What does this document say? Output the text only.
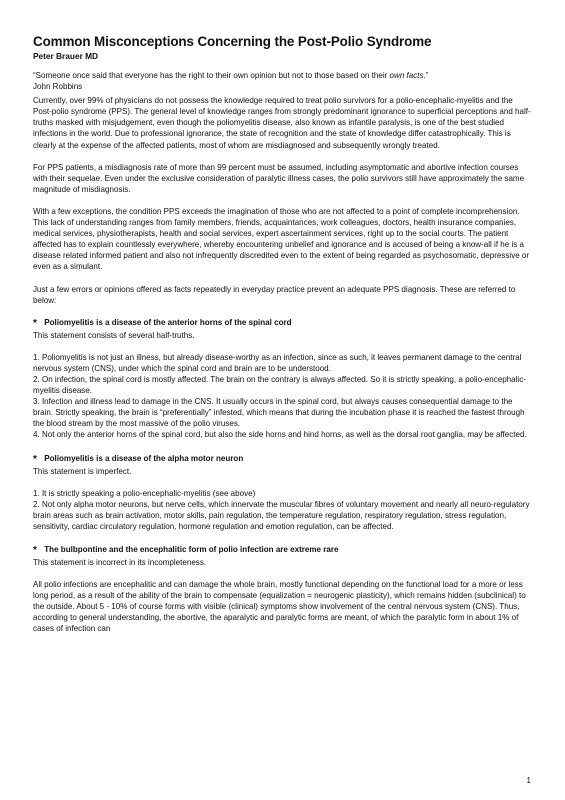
Common Misconceptions Concerning the Post-Polio Syndrome
Peter Brauer MD

“Someone once said that everyone has the right to their own opinion but not to those based on their own facts.”

John Robbins

Currently, over 99% of physicians do not possess the knowledge required to treat polio survivors for a polio-encephalic-myelitis and the Post-polio syndrome (PPS). The general level of knowledge ranges from strongly predominant ignorance to superficial perceptions and half-truths masked with misjudgement, even though the poliomyelitis disease, also known as infantile paralysis, is one of the best studied infections in the world. Due to professional ignorance, the state of recognition and the state of knowledge differ catastrophically. This is clearly at the expense of the affected patients, most of whom are misdiagnosed and subsequently wrongly treated.

For PPS patients, a misdiagnosis rate of more than 99 percent must be assumed, including asymptomatic and abortive infection courses with their sequelae. Even under the exclusive consideration of paralytic illness cases, the polio survivors still have approximately the same magnitude of misdiagnosis.

With a few exceptions, the condition PPS exceeds the imagination of those who are not affected to a point of complete incomprehension. This lack of understanding ranges from family members, friends, acquaintances, work colleagues, doctors, health insurance companies, medical services, physiotherapists, health and social services, expert ascertainment services, right up to the social courts. The patient affected has to explain countlessly everywhere, whereby encountering unbelief and ignorance and is accused of being a know-all if he is a disease related informed patient and also not infrequently discredited even to the extent of being regarded as psychosomatic, depressive or even as a simulant.

Just a few errors or opinions offered as facts repeatedly in everyday practice prevent an adequate PPS diagnosis. These are referred to below:

* Poliomyelitis is a disease of the anterior horns of the spinal cord

This statement consists of several half-truths.

1. Poliomyelitis is not just an illness, but already disease-worthy as an infection, since as such, it leaves permanent damage to the central nervous system (CNS), under which the spinal cord and brain are to be understood.

2. On infection, the spinal cord is mostly affected. The brain on the contrary is always affected. So it is strictly speaking, a polio-encephalic-myelitis disease.

3. Infection and illness lead to damage in the CNS. It usually occurs in the spinal cord, but always causes consequential damage to the brain. Strictly speaking, the brain is “preferentially” infested, which means that during the incubation phase it is reached the fastest through the blood stream by the most massive of the polio viruses.

4. Not only the anterior horns of the spinal cord, but also the side horns and hind horns, as well as the dorsal root ganglia, may be affected.

* Poliomyelitis is a disease of the alpha motor neuron

This statement is imperfect.

1. It is strictly speaking a polio-encephalic-myelitis (see above)

2. Not only alpha motor neurons, but nerve cells, which innervate the muscular fibres of voluntary movement and nearly all neuro-regulatory brain areas such as brain activation, motor skills, pain regulation, the temperature regulation, respiratory regulation, stress regulation, sensitivity, cardiac circulatory regulation, hormone regulation and emotion regulation, can be affected.

* The bulbpontine and the encephalitic form of polio infection are extreme rare

This statement is incorrect in its incompleteness.

All polio infections are encephalitic and can damage the whole brain, mostly functional depending on the functional load for a more or less long period, as a result of the ability of the brain to compensate (equalization = neurogenic plasticity), which remains hidden (subclinical) to the outside. About 5 - 10% of course forms with visible (clinical) symptoms show involvement of the central nervous system (CNS). Thus, according to general understanding, the abortive, the aparalytic and paralytic forms are meant, of which the paralytic form in about 1% of cases of infection can

1
